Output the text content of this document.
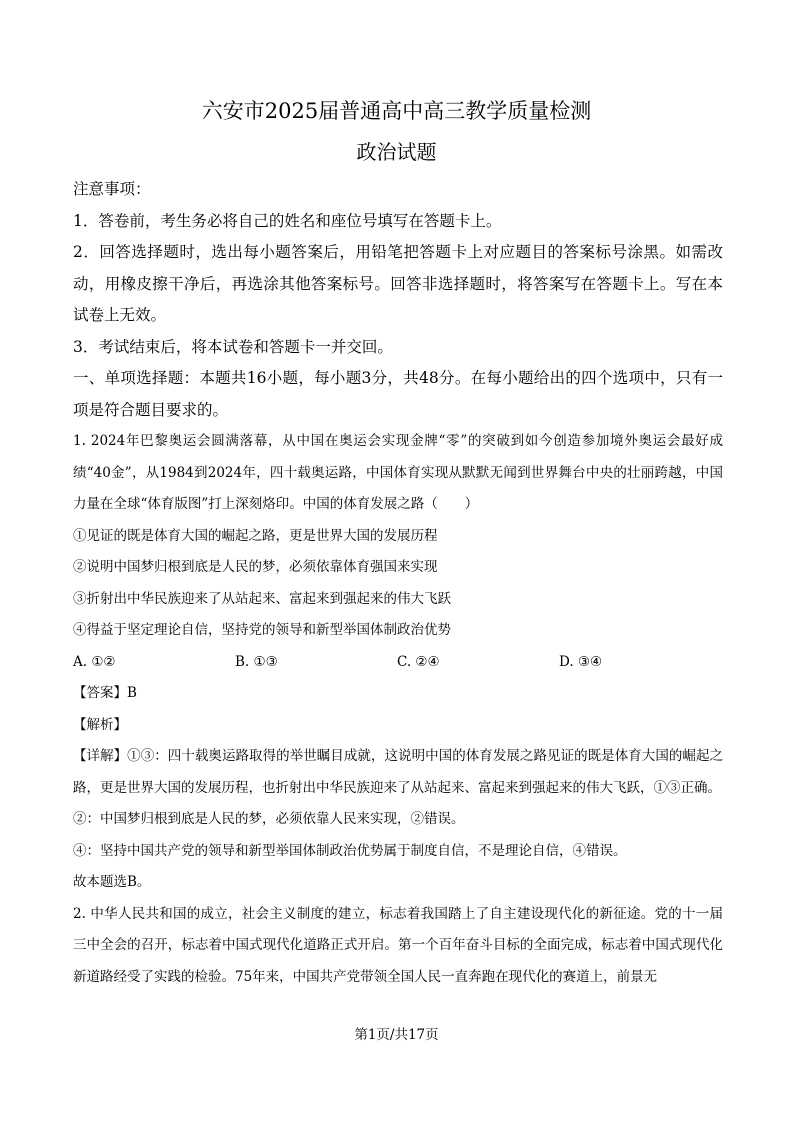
六安市2025届普通高中高三教学质量检测
政治试题

注意事项：

1．答卷前，考生务必将自己的姓名和座位号填写在答题卡上。

2．回答选择题时，选出每小题答案后，用铅笔把答题卡上对应题目的答案标号涂黑。如需改动，用橡皮擦干净后，再选涂其他答案标号。回答非选择题时，将答案写在答题卡上。写在本试卷上无效。

3．考试结束后，将本试卷和答题卡一并交回。

一、单项选择题：本题共16小题，每小题3分，共48分。在每小题给出的四个选项中，只有一项是符合题目要求的。

1. 2024年巴黎奥运会圆满落幕，从中国在奥运会实现金牌“零”的突破到如今创造参加境外奥运会最好成绩“40金”，从1984到2024年，四十载奥运路，中国体育实现从默默无闻到世界舞台中央的壮丽跨越，中国力量在全球“体育版图”打上深刻烙印。中国的体育发展之路（　　）

①见证的既是体育大国的崛起之路，更是世界大国的发展历程

②说明中国梦归根到底是人民的梦，必须依靠体育强国来实现

③折射出中华民族迎来了从站起来、富起来到强起来的伟大飞跃

④得益于坚定理论自信，坚持党的领导和新型举国体制政治优势

A. ①②	B. ①③	C. ②④	D. ③④

【答案】B

【解析】

【详解】①③：四十载奥运路取得的举世瞩目成就，这说明中国的体育发展之路见证的既是体育大国的崛起之路，更是世界大国的发展历程，也折射出中华民族迎来了从站起来、富起来到强起来的伟大飞跃，①③正确。

②：中国梦归根到底是人民的梦，必须依靠人民来实现，②错误。

④：坚持中国共产党的领导和新型举国体制政治优势属于制度自信，不是理论自信，④错误。

故本题选B。

2. 中华人民共和国的成立，社会主义制度的建立，标志着我国踏上了自主建设现代化的新征途。党的十一届三中全会的召开，标志着中国式现代化道路正式开启。第一个百年奋斗目标的全面完成，标志着中国式现代化新道路经受了实践的检验。75年来，中国共产党带领全国人民一直奔跑在现代化的赛道上，前景无

第1页/共17页
